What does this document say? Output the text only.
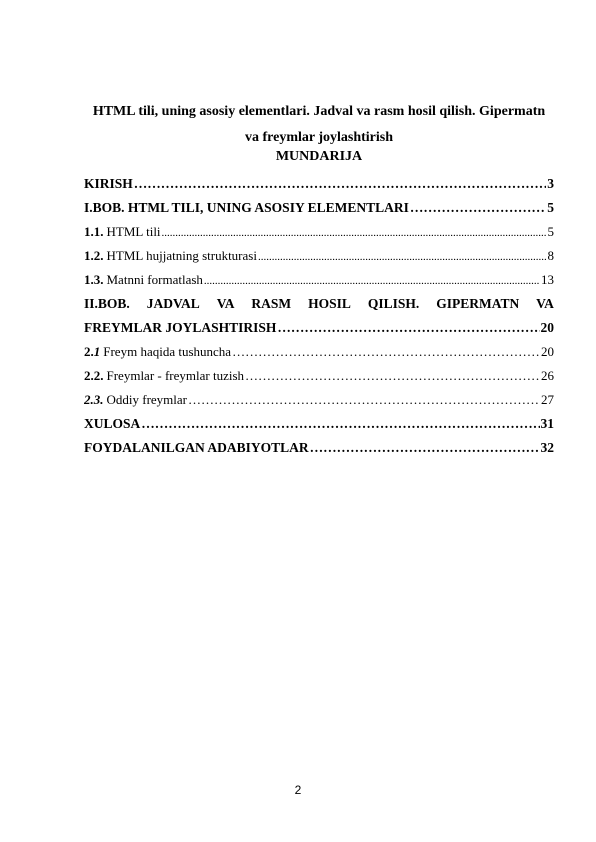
HTML tili, uning asosiy elementlari. Jadval va rasm hosil qilish. Gipermatn

va freymlar joylashtirish

MUNDARIJA
KIRISH …………………………………………………………………………………………………………………………………………	3
I.BOB. HTML TILI, UNING ASOSIY ELEMENTLARI …………………………………………………………………………………………………………………………………………	5
1.1. HTML tili .....	5
1.2. HTML hujjatning strukturasi .....	8
1.3. Matnni formatlash .....	13
II.BOB. JADVAL VA RASM HOSIL QILISH. GIPERMATN VA
FREYMLAR JOYLASHTIRISH …………………………………………………………………………………………………………………………………………	20
2.1 Freym haqida tushuncha …………………………………………………………………………………………………………………………………………	20
2.2. Freymlar - freymlar tuzish …………………………………………………………………………………………………………………………………………	26
2.3. Oddiy freymlar …………………………………………………………………………………………………………………………………………	27
XULOSA …………………………………………………………………………………………………………………………………………	31
FOYDALANILGAN ADABIYOTLAR …………………………………………………………………………………………………………………………………………	32
2
